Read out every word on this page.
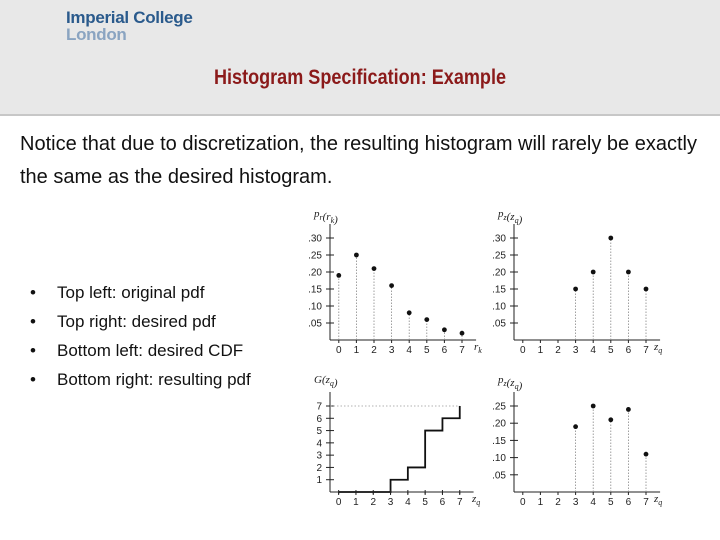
Imperial College
London
Histogram Specification: Example
Notice that due to discretization, the resulting histogram will rarely be exactly the same as the desired histogram.
• Top left: original pdf
• Top right: desired pdf
• Bottom left: desired CDF
• Bottom right: resulting pdf
.05
.10
.15
.20
.25
.30
0 1 2 3 4 5 6 7
$p_r(r_k)$
$r_k$
.05
.10
.15
.20
.25
.30
0 1 2 3 4 5 6 7
$p_z(z_q)$
$z_q$
1
2
3
4
5
6
7
0 1 2 3 4 5 6 7
$G(z_q)$
$z_q$
.05
.10
.15
.20
.25
0 1 2 3 4 5 6 7
$p_z(z_q)$
$z_q$
